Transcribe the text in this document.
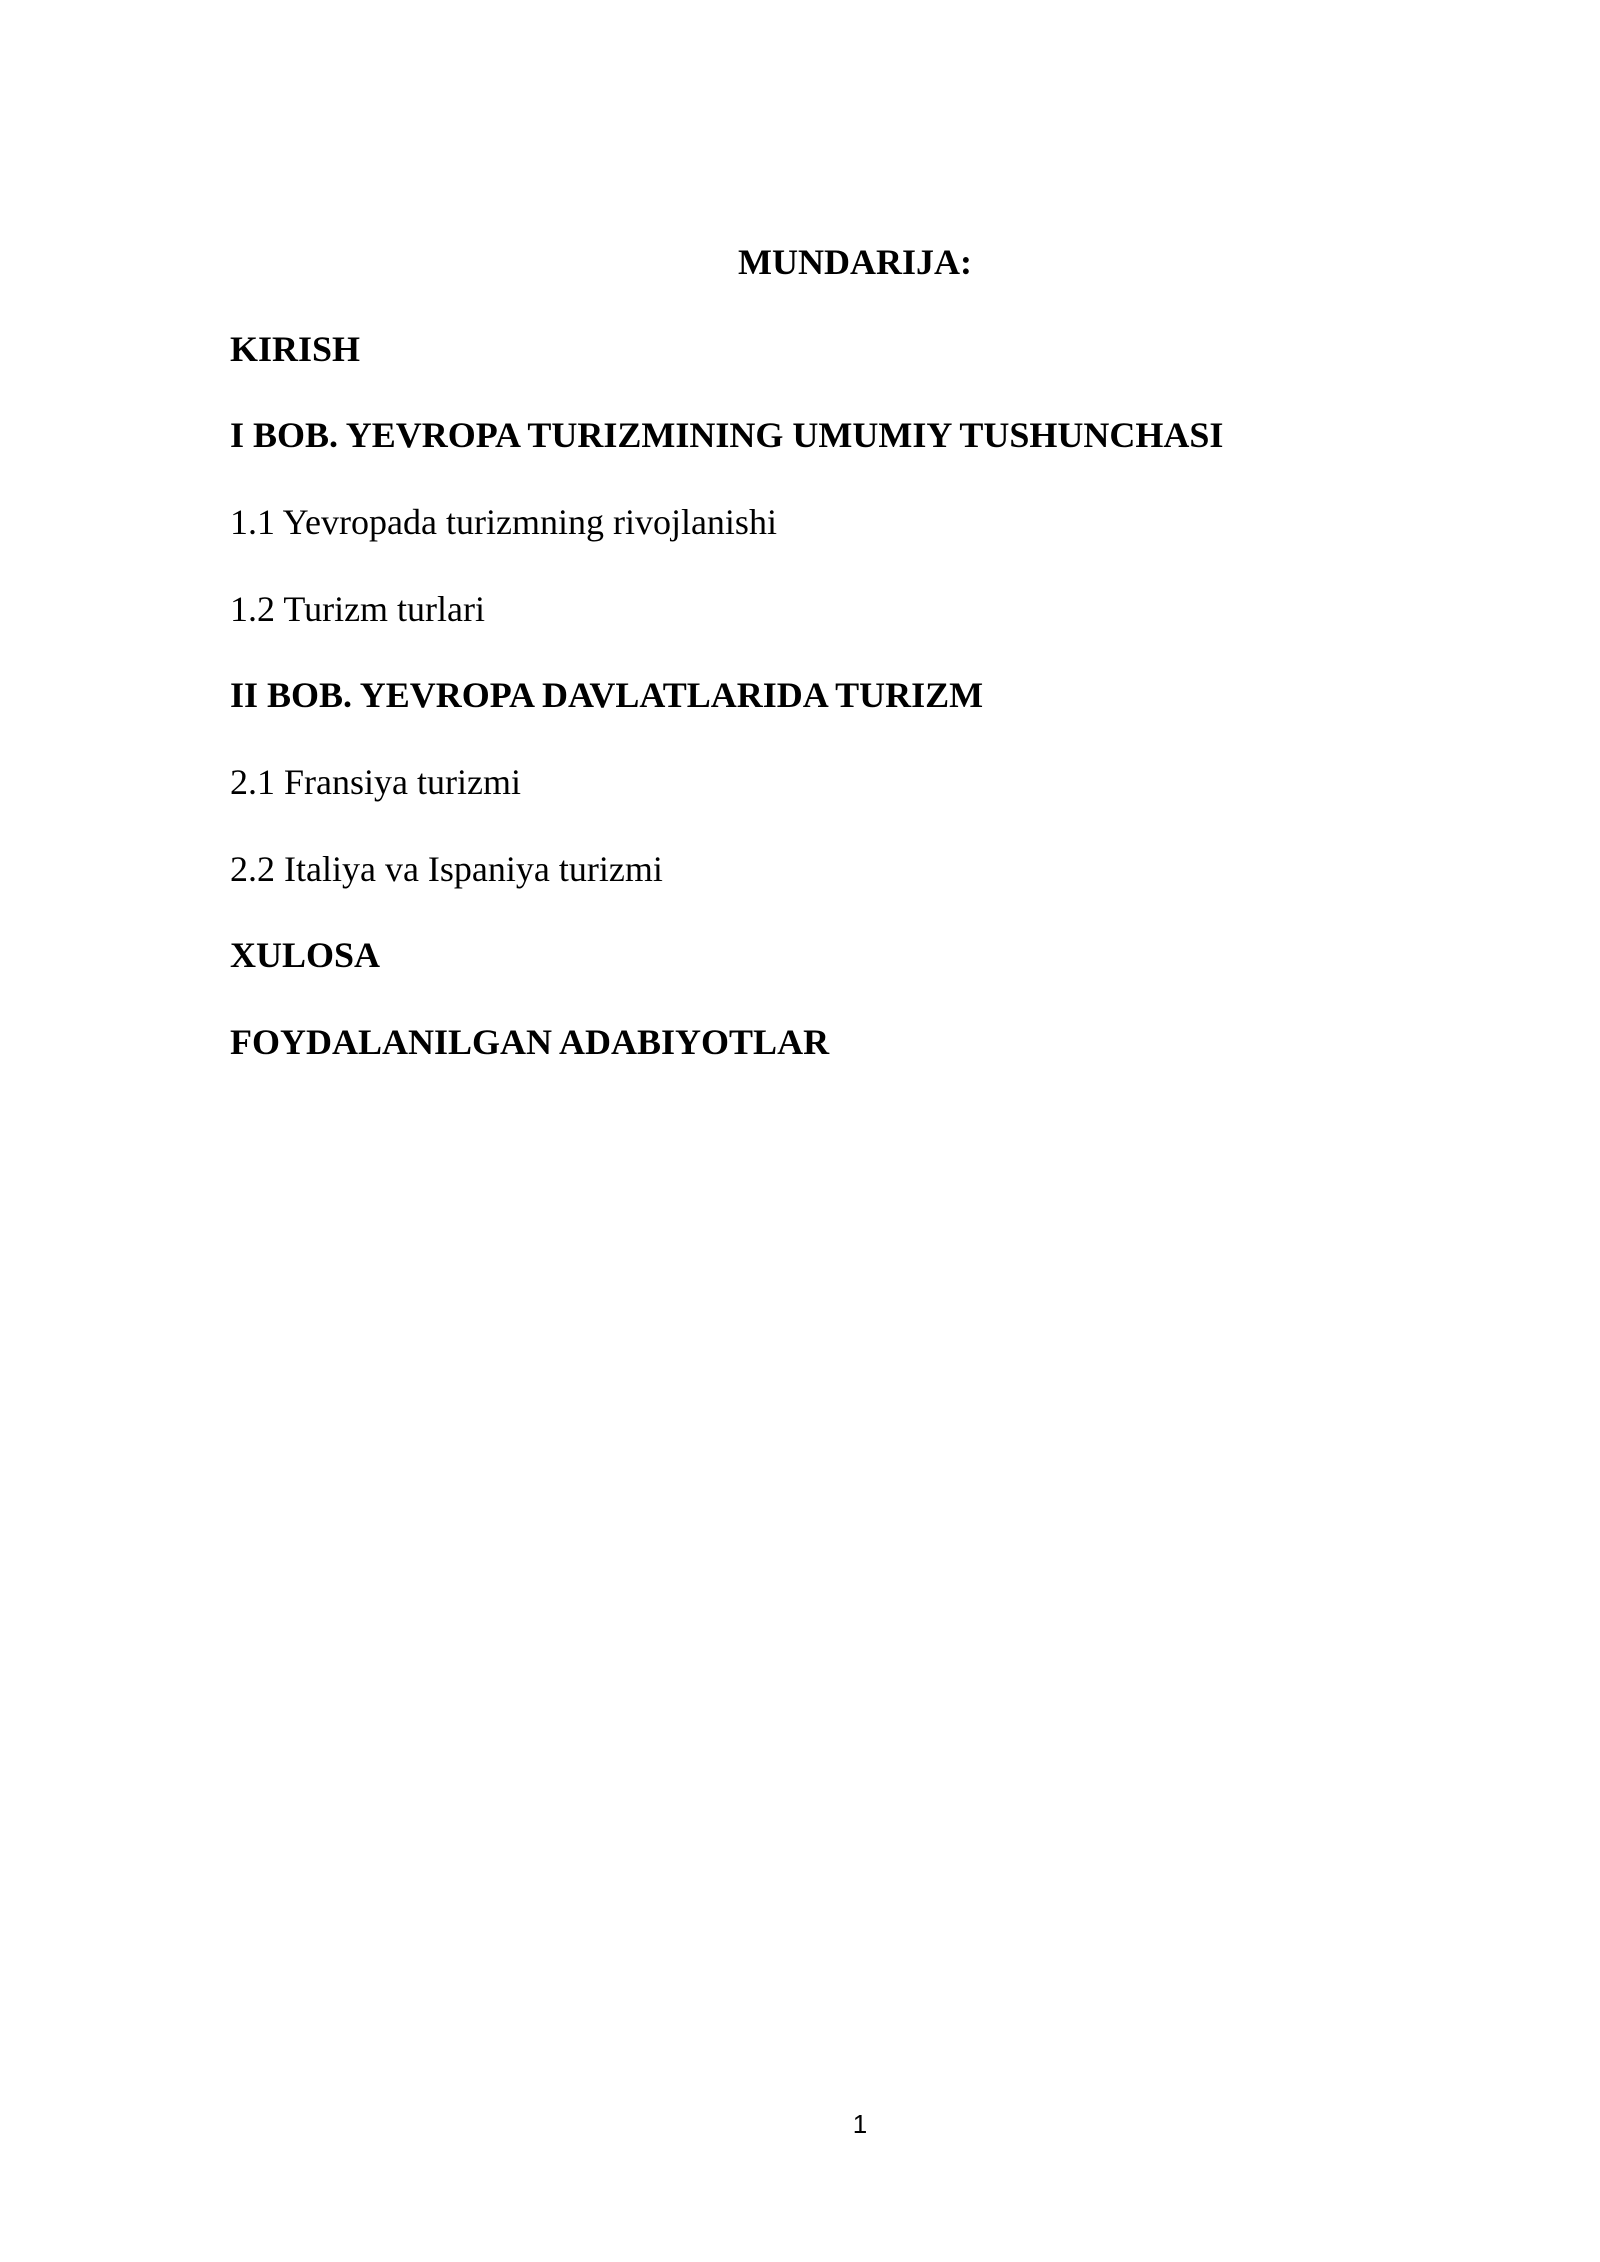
MUNDARIJA:
KIRISH
I BOB. YEVROPA TURIZMINING UMUMIY TUSHUNCHASI
1.1 Yevropada turizmning rivojlanishi
1.2 Turizm turlari
II BOB. YEVROPA DAVLATLARIDA TURIZM
2.1 Fransiya turizmi
2.2 Italiya va Ispaniya turizmi
XULOSA
FOYDALANILGAN ADABIYOTLAR
1
